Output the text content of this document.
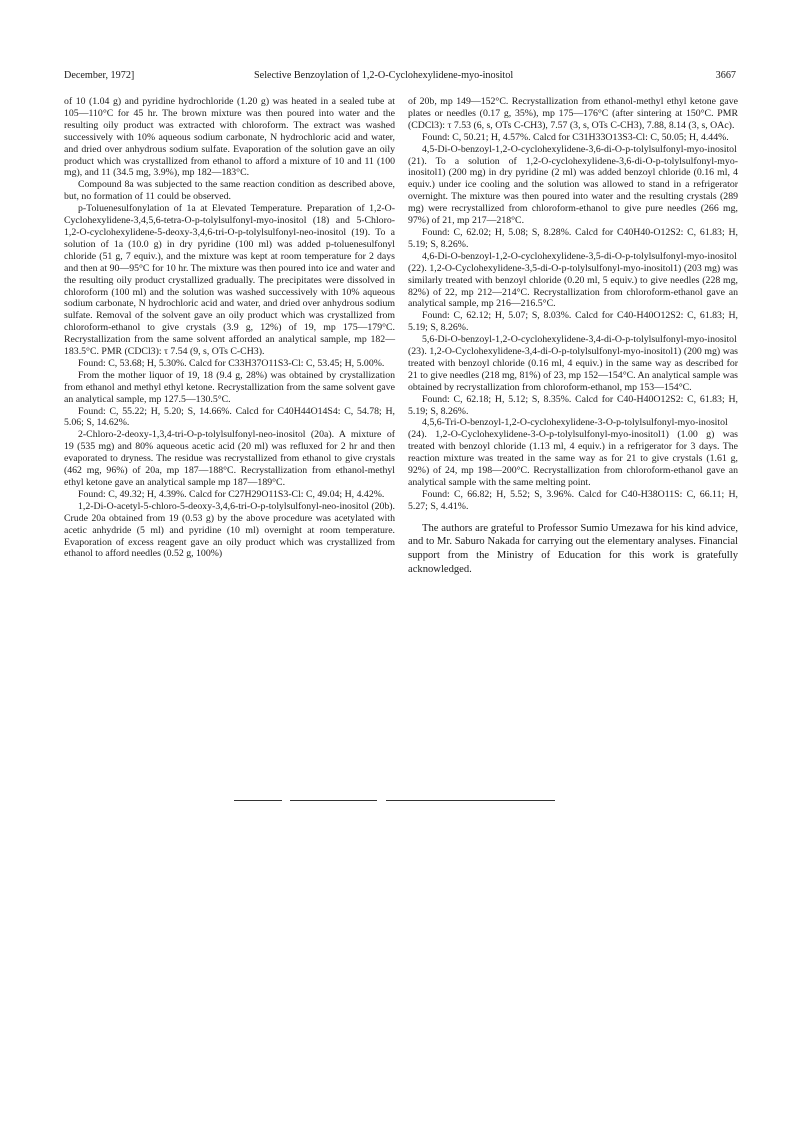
December, 1972]	Selective Benzoylation of 1,2-O-Cyclohexylidene-myo-inositol	3667

of 10 (1.04 g) and pyridine hydrochloride (1.20 g) was heated in a sealed tube at 105—110°C for 45 hr. The brown mixture was then poured into water and the resulting oily product was extracted with chloroform. The extract was washed successively with 10% aqueous sodium carbonate, N hydrochloric acid and water, and dried over anhydrous sodium sulfate. Evaporation of the solution gave an oily product which was crystallized from ethanol to afford a mixture of 10 and 11 (100 mg), and 11 (34.5 mg, 3.9%), mp 182—183°C.

Compound 8a was subjected to the same reaction condition as described above, but, no formation of 11 could be observed.

p-Toluenesulfonylation of 1a at Elevated Temperature. Preparation of 1,2-O-Cyclohexylidene-3,4,5,6-tetra-O-p-tolylsulfonyl-myo-inositol (18) and 5-Chloro-1,2-O-cyclohexylidene-5-deoxy-3,4,6-tri-O-p-tolylsulfonyl-neo-inositol (19). To a solution of 1a (10.0 g) in dry pyridine (100 ml) was added p-toluenesulfonyl chloride (51 g, 7 equiv.), and the mixture was kept at room temperature for 2 days and then at 90—95°C for 10 hr. The mixture was then poured into ice and water and the resulting oily product crystallized gradually. The precipitates were dissolved in chloroform (100 ml) and the solution was washed successively with 10% aqueous sodium carbonate, N hydrochloric acid and water, and dried over anhydrous sodium sulfate. Removal of the solvent gave an oily product which was crystallized from chloroform-ethanol to give crystals (3.9 g, 12%) of 19, mp 175—179°C. Recrystallization from the same solvent afforded an analytical sample, mp 182—183.5°C. PMR (CDCl3): τ 7.54 (9, s, OTs C-CH3).

Found: C, 53.68; H, 5.30%. Calcd for C33H37O11S3-Cl: C, 53.45; H, 5.00%.

From the mother liquor of 19, 18 (9.4 g, 28%) was obtained by crystallization from ethanol and methyl ethyl ketone. Recrystallization from the same solvent gave an analytical sample, mp 127.5—130.5°C.

Found: C, 55.22; H, 5.20; S, 14.66%. Calcd for C40H44O14S4: C, 54.78; H, 5.06; S, 14.62%.

2-Chloro-2-deoxy-1,3,4-tri-O-p-tolylsulfonyl-neo-inositol (20a). A mixture of 19 (535 mg) and 80% aqueous acetic acid (20 ml) was refluxed for 2 hr and then evaporated to dryness. The residue was recrystallized from ethanol to give crystals (462 mg, 96%) of 20a, mp 187—188°C. Recrystallization from ethanol-methyl ethyl ketone gave an analytical sample mp 187—189°C.

Found: C, 49.32; H, 4.39%. Calcd for C27H29O11S3-Cl: C, 49.04; H, 4.42%.

1,2-Di-O-acetyl-5-chloro-5-deoxy-3,4,6-tri-O-p-tolylsulfonyl-neo-inositol (20b). Crude 20a obtained from 19 (0.53 g) by the above procedure was acetylated with acetic anhydride (5 ml) and pyridine (10 ml) overnight at room temperature. Evaporation of excess reagent gave an oily product which was crystallized from ethanol to afford needles (0.52 g, 100%)

of 20b, mp 149—152°C. Recrystallization from ethanol-methyl ethyl ketone gave plates or needles (0.17 g, 35%), mp 175—176°C (after sintering at 150°C. PMR (CDCl3): τ 7.53 (6, s, OTs C-CH3), 7.57 (3, s, OTs C-CH3), 7.88, 8.14 (3, s, OAc).

Found: C, 50.21; H, 4.57%. Calcd for C31H33O13S3-Cl: C, 50.05; H, 4.44%.

4,5-Di-O-benzoyl-1,2-O-cyclohexylidene-3,6-di-O-p-tolylsulfonyl-myo-inositol (21). To a solution of 1,2-O-cyclohexylidene-3,6-di-O-p-tolylsulfonyl-myo-inositol1) (200 mg) in dry pyridine (2 ml) was added benzoyl chloride (0.16 ml, 4 equiv.) under ice cooling and the solution was allowed to stand in a refrigerator overnight. The mixture was then poured into water and the resulting crystals (289 mg) were recrystallized from chloroform-ethanol to give pure needles (266 mg, 97%) of 21, mp 217—218°C.

Found: C, 62.02; H, 5.08; S, 8.28%. Calcd for C40H40-O12S2: C, 61.83; H, 5.19; S, 8.26%.

4,6-Di-O-benzoyl-1,2-O-cyclohexylidene-3,5-di-O-p-tolylsulfonyl-myo-inositol (22). 1,2-O-Cyclohexylidene-3,5-di-O-p-tolylsulfonyl-myo-inositol1) (203 mg) was similarly treated with benzoyl chloride (0.20 ml, 5 equiv.) to give needles (228 mg, 82%) of 22, mp 212—214°C. Recrystallization from chloroform-ethanol gave an analytical sample, mp 216—216.5°C.

Found: C, 62.12; H, 5.07; S, 8.03%. Calcd for C40-H40O12S2: C, 61.83; H, 5.19; S, 8.26%.

5,6-Di-O-benzoyl-1,2-O-cyclohexylidene-3,4-di-O-p-tolylsulfonyl-myo-inositol (23). 1,2-O-Cyclohexylidene-3,4-di-O-p-tolylsulfonyl-myo-inositol1) (200 mg) was treated with benzoyl chloride (0.16 ml, 4 equiv.) in the same way as described for 21 to give needles (218 mg, 81%) of 23, mp 152—154°C. An analytical sample was obtained by recrystallization from chloroform-ethanol, mp 153—154°C.

Found: C, 62.18; H, 5.12; S, 8.35%. Calcd for C40-H40O12S2: C, 61.83; H, 5.19; S, 8.26%.

4,5,6-Tri-O-benzoyl-1,2-O-cyclohexylidene-3-O-p-tolylsulfonyl-myo-inositol (24). 1,2-O-Cyclohexylidene-3-O-p-tolylsulfonyl-myo-inositol1) (1.00 g) was treated with benzoyl chloride (1.13 ml, 4 equiv.) in a refrigerator for 3 days. The reaction mixture was treated in the same way as for 21 to give crystals (1.61 g, 92%) of 24, mp 198—200°C. Recrystallization from chloroform-ethanol gave an analytical sample with the same melting point.

Found: C, 66.82; H, 5.52; S, 3.96%. Calcd for C40-H38O11S: C, 66.11; H, 5.27; S, 4.41%.

The authors are grateful to Professor Sumio Umezawa for his kind advice, and to Mr. Saburo Nakada for carrying out the elementary analyses. Financial support from the Ministry of Education for this work is gratefully acknowledged.
